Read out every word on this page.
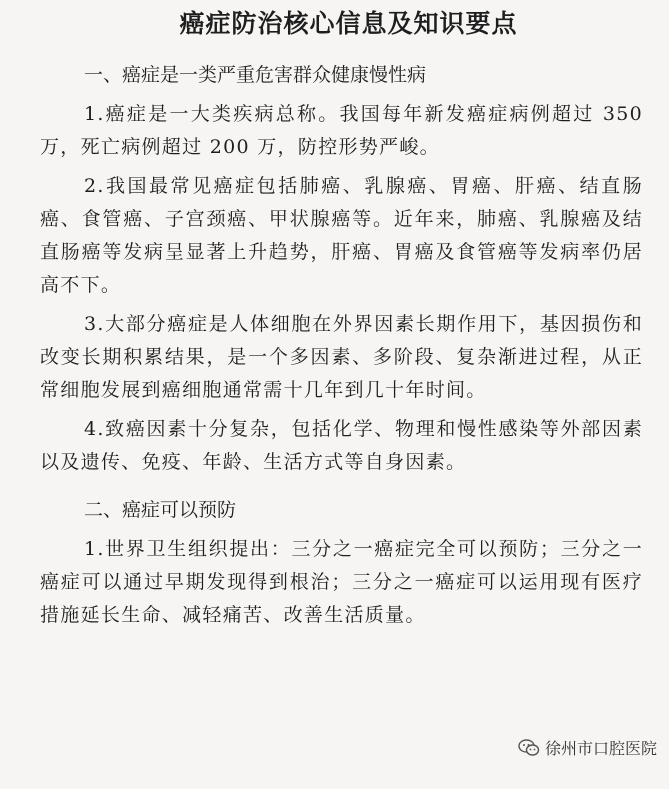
癌症防治核心信息及知识要点
一、癌症是一类严重危害群众健康慢性病

1.癌症是一大类疾病总称。我国每年新发癌症病例超过 350 万，死亡病例超过 200 万，防控形势严峻。

2.我国最常见癌症包括肺癌、乳腺癌、胃癌、肝癌、结直肠癌、食管癌、子宫颈癌、甲状腺癌等。近年来，肺癌、乳腺癌及结直肠癌等发病呈显著上升趋势，肝癌、胃癌及食管癌等发病率仍居高不下。

3.大部分癌症是人体细胞在外界因素长期作用下，基因损伤和改变长期积累结果，是一个多因素、多阶段、复杂渐进过程，从正常细胞发展到癌细胞通常需十几年到几十年时间。

4.致癌因素十分复杂，包括化学、物理和慢性感染等外部因素以及遗传、免疫、年龄、生活方式等自身因素。

二、癌症可以预防

1.世界卫生组织提出：三分之一癌症完全可以预防；三分之一癌症可以通过早期发现得到根治；三分之一癌症可以运用现有医疗措施延长生命、减轻痛苦、改善生活质量。

徐州市口腔医院
